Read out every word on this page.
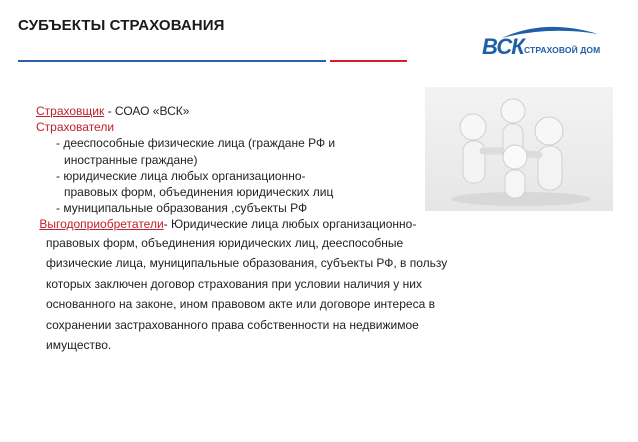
СУБЪЕКТЫ СТРАХОВАНИЯ
ВСК СТРАХОВОЙ ДОМ

Страховщик - СОАО «ВСК»

Страхователи

- дееспособные физические лица (граждане РФ и

иностранные граждане)

- юридические лица любых организационно-

правовых форм, объединения юридических лиц

- муниципальные образования ,субъекты РФ

Выгодоприобретатели- Юридические лица любых организационно-

правовых форм, объединения юридических лиц, дееспособные

физические лица, муниципальные образования, субъекты РФ, в пользу

которых заключен договор страхования при условии наличия у них

основанного на законе, ином правовом акте или договоре интереса в

сохранении застрахованного права собственности на недвижимое

имущество.
